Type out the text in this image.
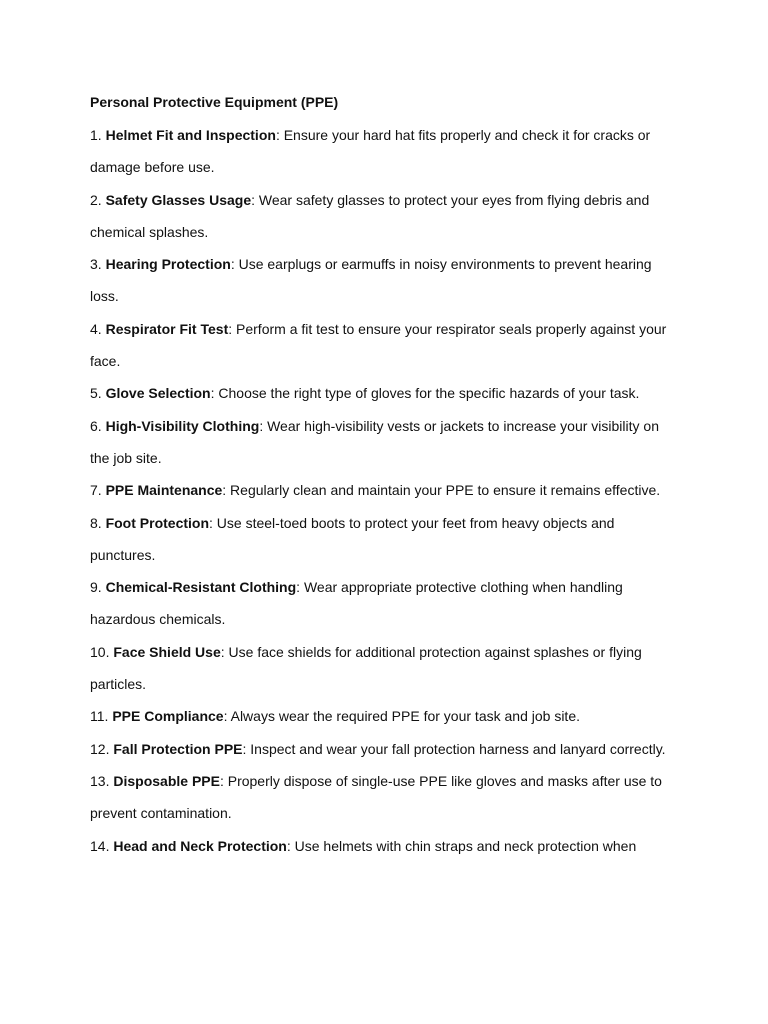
Personal Protective Equipment (PPE)

1. Helmet Fit and Inspection: Ensure your hard hat fits properly and check it for cracks or damage before use.

2. Safety Glasses Usage: Wear safety glasses to protect your eyes from flying debris and chemical splashes.

3. Hearing Protection: Use earplugs or earmuffs in noisy environments to prevent hearing loss.

4. Respirator Fit Test: Perform a fit test to ensure your respirator seals properly against your face.

5. Glove Selection: Choose the right type of gloves for the specific hazards of your task.

6. High-Visibility Clothing: Wear high-visibility vests or jackets to increase your visibility on the job site.

7. PPE Maintenance: Regularly clean and maintain your PPE to ensure it remains effective.

8. Foot Protection: Use steel-toed boots to protect your feet from heavy objects and punctures.

9. Chemical-Resistant Clothing: Wear appropriate protective clothing when handling hazardous chemicals.

10. Face Shield Use: Use face shields for additional protection against splashes or flying particles.

11. PPE Compliance: Always wear the required PPE for your task and job site.

12. Fall Protection PPE: Inspect and wear your fall protection harness and lanyard correctly.

13. Disposable PPE: Properly dispose of single-use PPE like gloves and masks after use to prevent contamination.

14. Head and Neck Protection: Use helmets with chin straps and neck protection when
